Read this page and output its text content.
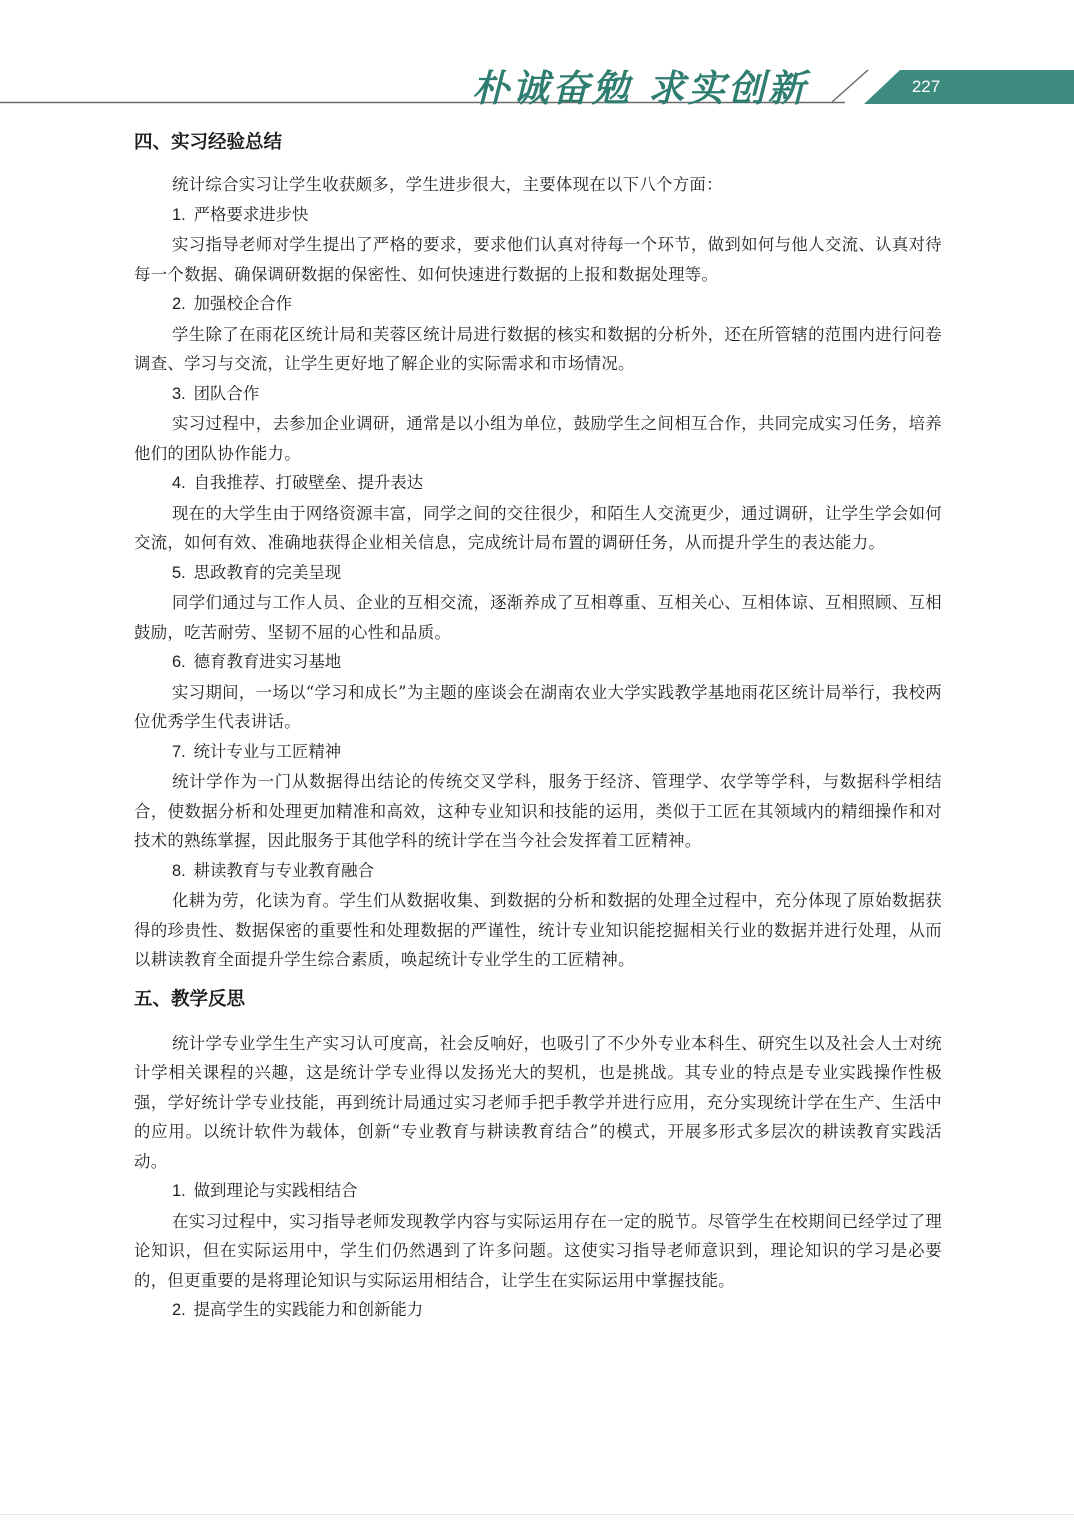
朴诚奋勉 求实创新	227
四、实习经验总结

统计综合实习让学生收获颇多，学生进步很大，主要体现在以下八个方面：

1. 严格要求进步快

实习指导老师对学生提出了严格的要求，要求他们认真对待每一个环节，做到如何与他人交流、认真对待每一个数据、确保调研数据的保密性、如何快速进行数据的上报和数据处理等。

2. 加强校企合作

学生除了在雨花区统计局和芙蓉区统计局进行数据的核实和数据的分析外，还在所管辖的范围内进行问卷调查、学习与交流，让学生更好地了解企业的实际需求和市场情况。

3. 团队合作

实习过程中，去参加企业调研，通常是以小组为单位，鼓励学生之间相互合作，共同完成实习任务，培养他们的团队协作能力。

4. 自我推荐、打破壁垒、提升表达

现在的大学生由于网络资源丰富，同学之间的交往很少，和陌生人交流更少，通过调研，让学生学会如何交流，如何有效、准确地获得企业相关信息，完成统计局布置的调研任务，从而提升学生的表达能力。

5. 思政教育的完美呈现

同学们通过与工作人员、企业的互相交流，逐渐养成了互相尊重、互相关心、互相体谅、互相照顾、互相鼓励，吃苦耐劳、坚韧不屈的心性和品质。

6. 德育教育进实习基地

实习期间，一场以“学习和成长”为主题的座谈会在湖南农业大学实践教学基地雨花区统计局举行，我校两位优秀学生代表讲话。

7. 统计专业与工匠精神

统计学作为一门从数据得出结论的传统交叉学科，服务于经济、管理学、农学等学科，与数据科学相结合，使数据分析和处理更加精准和高效，这种专业知识和技能的运用，类似于工匠在其领域内的精细操作和对技术的熟练掌握，因此服务于其他学科的统计学在当今社会发挥着工匠精神。

8. 耕读教育与专业教育融合

化耕为劳，化读为育。学生们从数据收集、到数据的分析和数据的处理全过程中，充分体现了原始数据获得的珍贵性、数据保密的重要性和处理数据的严谨性，统计专业知识能挖掘相关行业的数据并进行处理，从而以耕读教育全面提升学生综合素质，唤起统计专业学生的工匠精神。

五、教学反思

统计学专业学生生产实习认可度高，社会反响好，也吸引了不少外专业本科生、研究生以及社会人士对统计学相关课程的兴趣，这是统计学专业得以发扬光大的契机，也是挑战。其专业的特点是专业实践操作性极强，学好统计学专业技能，再到统计局通过实习老师手把手教学并进行应用，充分实现统计学在生产、生活中的应用。以统计软件为载体，创新“专业教育与耕读教育结合”的模式，开展多形式多层次的耕读教育实践活动。

1. 做到理论与实践相结合

在实习过程中，实习指导老师发现教学内容与实际运用存在一定的脱节。尽管学生在校期间已经学过了理论知识，但在实际运用中，学生们仍然遇到了许多问题。这使实习指导老师意识到，理论知识的学习是必要的，但更重要的是将理论知识与实际运用相结合，让学生在实际运用中掌握技能。

2. 提高学生的实践能力和创新能力
